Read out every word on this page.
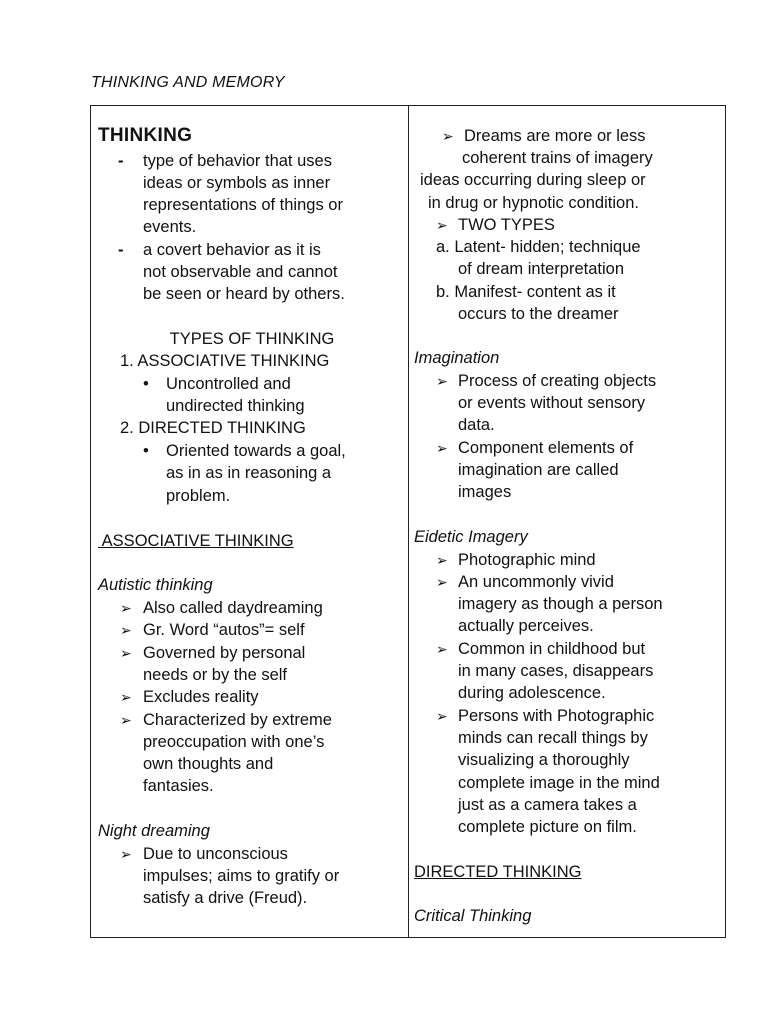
THINKING AND MEMORY
THINKING
- type of behavior that uses
ideas or symbols as inner
representations of things or
events.
- a covert behavior as it is
not observable and cannot
be seen or heard by others.
TYPES OF THINKING
1. ASSOCIATIVE THINKING
• Uncontrolled and
undirected thinking
2. DIRECTED THINKING
• Oriented towards a goal,
as in as in reasoning a
problem.
ASSOCIATIVE THINKING
Autistic thinking
➢ Also called daydreaming
➢ Gr. Word “autos”= self
➢ Governed by personal
needs or by the self
➢ Excludes reality
➢ Characterized by extreme
preoccupation with one’s
own thoughts and
fantasies.
Night dreaming
➢ Due to unconscious
impulses; aims to gratify or
satisfy a drive (Freud).
➢ Dreams are more or less
coherent trains of imagery
ideas occurring during sleep or
in drug or hypnotic condition.
➢ TWO TYPES
a. Latent- hidden; technique
of dream interpretation
b. Manifest- content as it
occurs to the dreamer
Imagination
➢ Process of creating objects
or events without sensory
data.
➢ Component elements of
imagination are called
images
Eidetic Imagery
➢ Photographic mind
➢ An uncommonly vivid
imagery as though a person
actually perceives.
➢ Common in childhood but
in many cases, disappears
during adolescence.
➢ Persons with Photographic
minds can recall things by
visualizing a thoroughly
complete image in the mind
just as a camera takes a
complete picture on film.
DIRECTED THINKING
Critical Thinking
